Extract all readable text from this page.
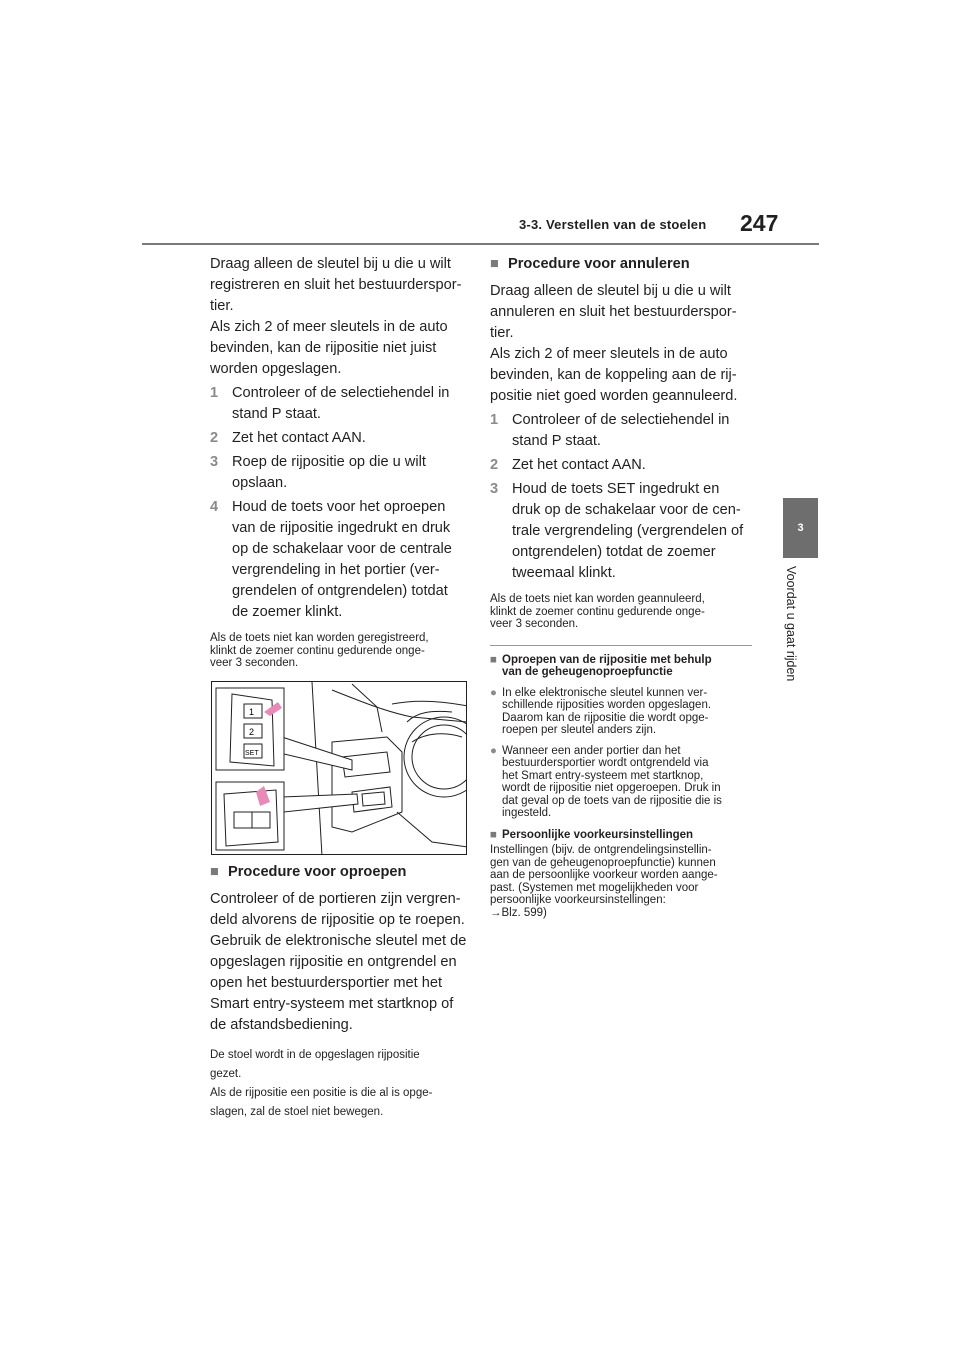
3-3. Verstellen van de stoelen 247
3
Voordat u gaat rijden

Draag alleen de sleutel bij u die u wilt

registreren en sluit het bestuurderspor-

tier.

Als zich 2 of meer sleutels in de auto

bevinden, kan de rijpositie niet juist

worden opgeslagen.

1 Controleer of de selectiehendel in
stand P staat.
2 Zet het contact AAN.
3 Roep de rijpositie op die u wilt
opslaan.
4 Houd de toets voor het oproepen
van de rijpositie ingedrukt en druk
op de schakelaar voor de centrale
vergrendeling in het portier (ver-
grendelen of ontgrendelen) totdat
de zoemer klinkt.
Als de toets niet kan worden geregistreerd,
klinkt de zoemer continu gedurende onge-
veer 3 seconden.
1
2
SET
■ Procedure voor oproepen

Controleer of de portieren zijn vergren-

deld alvorens de rijpositie op te roepen.

Gebruik de elektronische sleutel met de

opgeslagen rijpositie en ontgrendel en

open het bestuurdersportier met het

Smart entry-systeem met startknop of

de afstandsbediening.

De stoel wordt in de opgeslagen rijpositie
gezet.
Als de rijpositie een positie is die al is opge-
slagen, zal de stoel niet bewegen.
■ Procedure voor annuleren

Draag alleen de sleutel bij u die u wilt

annuleren en sluit het bestuurderspor-

tier.

Als zich 2 of meer sleutels in de auto

bevinden, kan de koppeling aan de rij-

positie niet goed worden geannuleerd.

1 Controleer of de selectiehendel in
stand P staat.
2 Zet het contact AAN.
3 Houd de toets SET ingedrukt en
druk op de schakelaar voor de cen-
trale vergrendeling (vergrendelen of
ontgrendelen) totdat de zoemer
tweemaal klinkt.
Als de toets niet kan worden geannuleerd,
klinkt de zoemer continu gedurende onge-
veer 3 seconden.
■ Oproepen van de rijpositie met behulp
van de geheugenoproepfunctie
● In elke elektronische sleutel kunnen ver-
schillende rijposities worden opgeslagen.
Daarom kan de rijpositie die wordt opge-
roepen per sleutel anders zijn.
● Wanneer een ander portier dan het
bestuurdersportier wordt ontgrendeld via
het Smart entry-systeem met startknop,
wordt de rijpositie niet opgeroepen. Druk in
dat geval op de toets van de rijpositie die is
ingesteld.
■ Persoonlijke voorkeursinstellingen
Instellingen (bijv. de ontgrendelingsinstellin-
gen van de geheugenoproepfunctie) kunnen
aan de persoonlijke voorkeur worden aange-
past. (Systemen met mogelijkheden voor
persoonlijke voorkeursinstellingen:
→Blz. 599)
